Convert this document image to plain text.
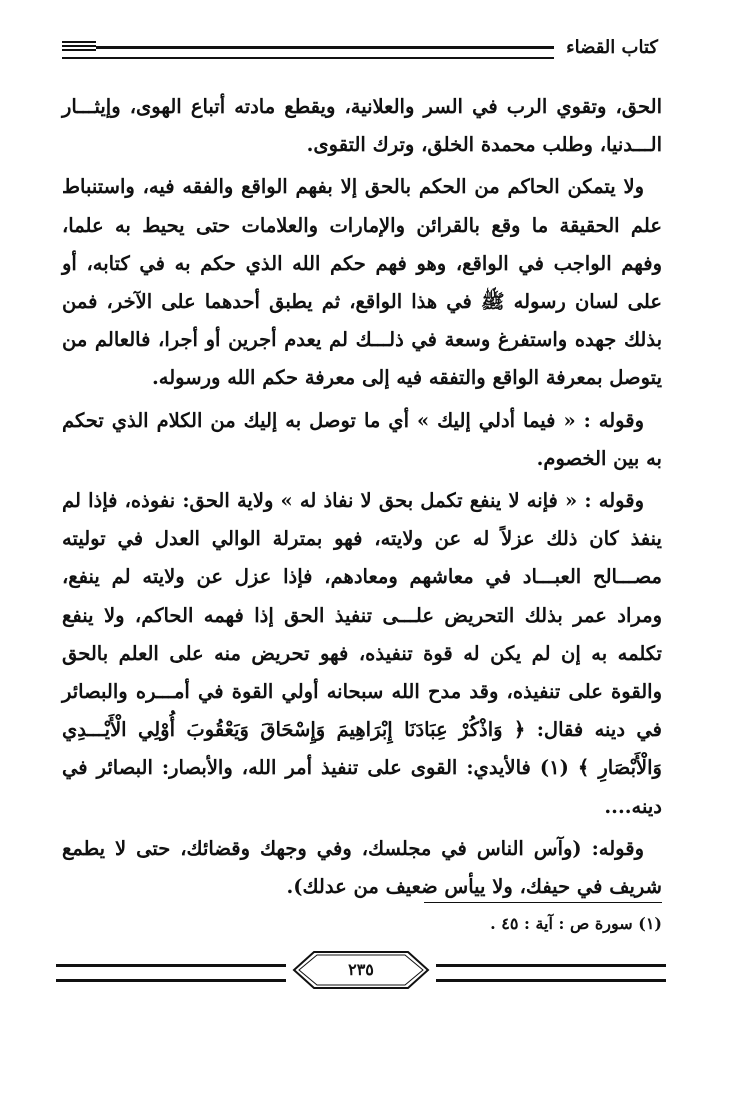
كتاب القضاء

الحق، وتقوي الرب في السر والعلانية، ويقطع مادته أتباع الهوى، وإيثـــار الـــدنيا، وطلب محمدة الخلق، وترك التقوى.

ولا يتمكن الحاكم من الحكم بالحق إلا بفهم الواقع والفقه فيه، واستنباط علم الحقيقة ما وقع بالقرائن والإمارات والعلامات حتى يحيط به علما، وفهم الواجب في الواقع، وهو فهم حكم الله الذي حكم به في كتابه، أو على لسان رسوله ﷺ في هذا الواقع، ثم يطبق أحدهما على الآخر، فمن بذلك جهده واستفرغ وسعة في ذلـــك لم يعدم أجرين أو أجرا، فالعالم من يتوصل بمعرفة الواقع والتفقه فيه إلى معرفة حكم الله ورسوله.

وقوله : « فيما أدلي إليك » أي ما توصل به إليك من الكلام الذي تحكم به بين الخصوم.

وقوله : « فإنه لا ينفع تكمل بحق لا نفاذ له » ولاية الحق: نفوذه، فإذا لم ينفذ كان ذلك عزلاً له عن ولايته، فهو بمترلة الوالي العدل في توليته مصـــالح العبـــاد في معاشهم ومعادهم، فإذا عزل عن ولايته لم ينفع، ومراد عمر بذلك التحريض علـــى تنفيذ الحق إذا فهمه الحاكم، ولا ينفع تكلمه به إن لم يكن له قوة تنفيذه، فهو تحريض منه على العلم بالحق والقوة على تنفيذه، وقد مدح الله سبحانه أولي القوة في أمـــره والبصائر في دينه فقال: ﴿ وَاذْكُرْ عِبَادَنَا إِبْرَاهِيمَ وَإِسْحَاقَ وَيَعْقُوبَ أُوْلِي الْأَيْـــدِي وَالْأَبْصَارِ ﴾ (١) فالأيدي: القوى على تنفيذ أمر الله، والأبصار: البصائر في دينه....

وقوله: (وآس الناس في مجلسك، وفي وجهك وقضائك، حتى لا يطمع شريف في حيفك، ولا ييأس ضعيف من عدلك).

(١) سورة ص : آية : ٤٥ .
٢٣٥
